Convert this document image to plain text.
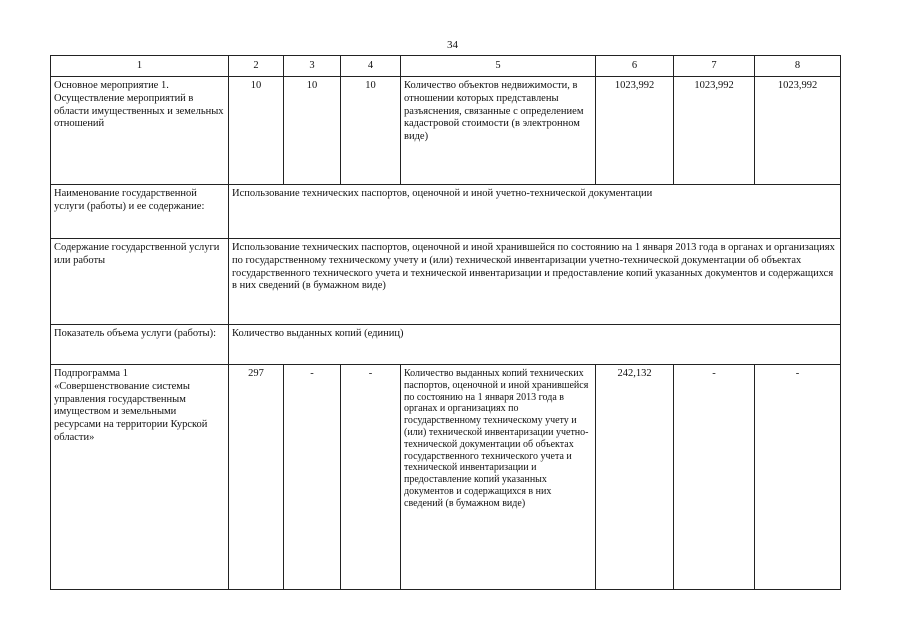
34
1	2	3	4	5	6	7	8
Основное мероприятие 1. Осуществление мероприятий в области имущественных и земельных отношений	10	10	10	Количество объектов недвижимости, в отношении которых представлены разъяснения, связанные с определением кадастровой стоимости (в электронном виде)	1023,992	1023,992	1023,992
Наименование государственной услуги (работы) и ее содержание:	Использование технических паспортов, оценочной и иной учетно-технической документации						
Содержание государственной услуги или работы	Использование технических паспортов, оценочной и иной хранившейся по состоянию на 1 января 2013 года в органах и организациях по государственному техническому учету и (или) технической инвентаризации учетно-технической документации об объектах государственного технического учета и технической инвентаризации и предоставление копий указанных документов и содержащихся в них сведений (в бумажном виде)						
Показатель объема услуги (работы):	Количество выданных копий (единиц)						
Подпрограмма 1 «Совершенствование системы управления государственным имуществом и земельными ресурсами на территории Курской области»	297	-	-	Количество выданных копий технических паспортов, оценочной и иной хранившейся по состоянию на 1 января 2013 года в органах и организациях по государственному техническому учету и (или) технической инвентаризации учетно-технической документации об объектах государственного технического учета и технической инвентаризации и предоставление копий указанных документов и содержащихся в них сведений (в бумажном виде)	242,132	-	-
